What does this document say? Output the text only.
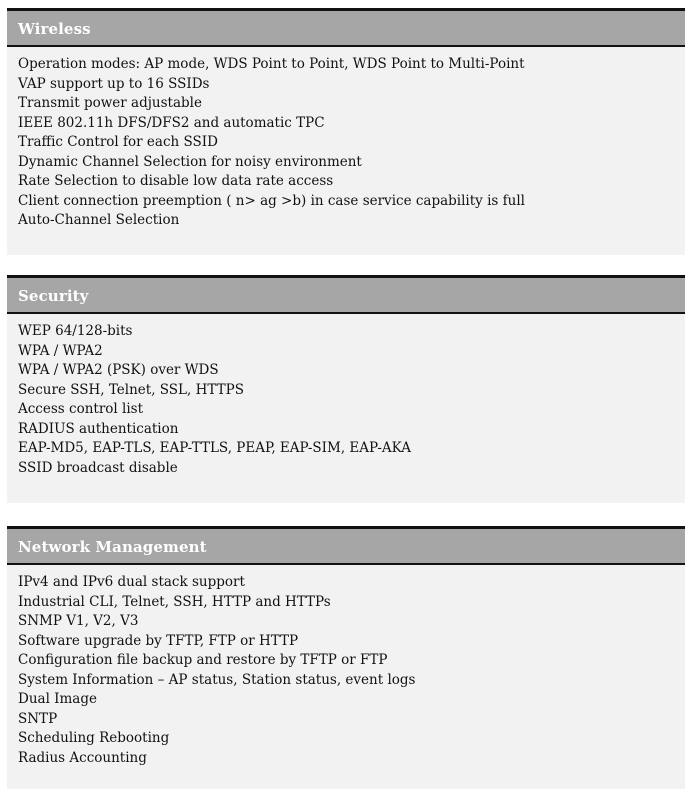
Wireless
Operation modes: AP mode, WDS Point to Point, WDS Point to Multi-Point
VAP support up to 16 SSIDs
Transmit power adjustable
IEEE 802.11h DFS/DFS2 and automatic TPC
Traffic Control for each SSID
Dynamic Channel Selection for noisy environment
Rate Selection to disable low data rate access
Client connection preemption ( n> ag >b) in case service capability is full
Auto-Channel Selection
Security
WEP 64/128-bits
WPA / WPA2
WPA / WPA2 (PSK) over WDS
Secure SSH, Telnet, SSL, HTTPS
Access control list
RADIUS authentication
EAP-MD5, EAP-TLS, EAP-TTLS, PEAP, EAP-SIM, EAP-AKA
SSID broadcast disable
Network Management
IPv4 and IPv6 dual stack support
Industrial CLI, Telnet, SSH, HTTP and HTTPs
SNMP V1, V2, V3
Software upgrade by TFTP, FTP or HTTP
Configuration file backup and restore by TFTP or FTP
System Information – AP status, Station status, event logs
Dual Image
SNTP
Scheduling Rebooting
Radius Accounting
